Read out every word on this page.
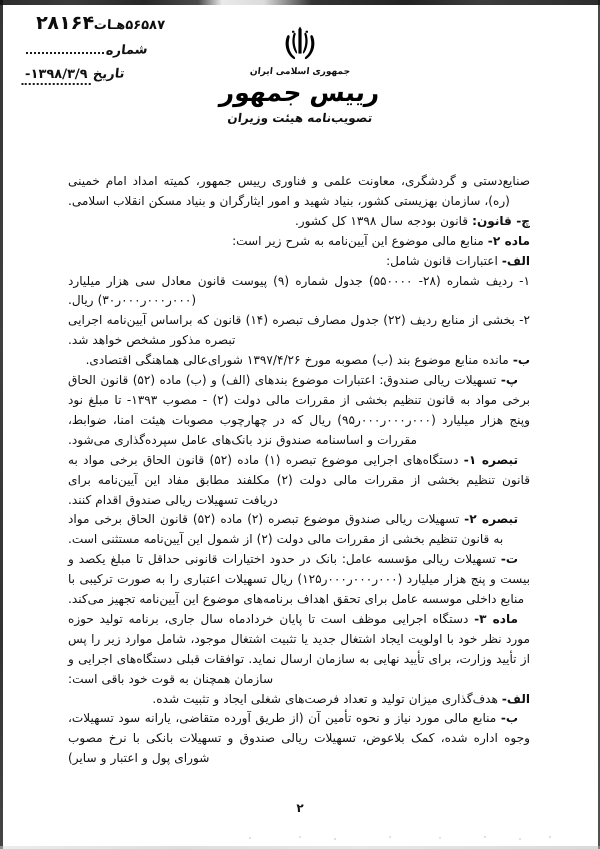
۵۶۵۸۷هـات۲۸۱۶۴
شماره
تاریخ
۱۳۹۸/۳/۹-	جمهوری اسلامی ایران
رییس جمهور
تصویب‌نامه هیئت وزیران

صنایع‌دستی و گردشگری، معاونت علمی و فناوری رییس جمهور، کمیته امداد امام خمینی (ره)، سازمان بهزیستی کشور، بنیاد شهید و امور ایثارگران و بنیاد مسکن انقلاب اسلامی.

چ- قانون: قانون بودجه سال ۱۳۹۸ کل کشور.

ماده ۲- منابع مالی موضوع این آیین‌نامه به شرح زیر است:

الف- اعتبارات قانون شامل:

۱- ردیف شماره (۲۸- ۵۵۰۰۰۰) جدول شماره (۹) پیوست قانون معادل سی هزار میلیارد (۰۰۰ر۰۰۰ر۰۰۰ر۳۰) ریال.

۲- بخشی از منابع ردیف (۲۲) جدول مصارف تبصره (۱۴) قانون که براساس آیین‌نامه اجرایی تبصره مذکور مشخص خواهد شد.

ب- مانده منابع موضوع بند (ب) مصوبه مورخ ۱۳۹۷/۴/۲۶ شورای‌عالی هماهنگی اقتصادی.

پ- تسهیلات ریالی صندوق: اعتبارات موضوع بندهای (الف) و (ب) ماده (۵۲) قانون الحاق برخی مواد به قانون تنظیم بخشی از مقررات مالی دولت (۲) - مصوب ۱۳۹۳- تا مبلغ نود وپنج هزار میلیارد (۰۰۰ر۰۰۰ر۰۰۰ر۹۵) ریال که در چهارچوب مصوبات هیئت امنا، ضوابط، مقررات و اساسنامه صندوق نزد بانک‌های عامل سپرده‌گذاری می‌شود.

تبصره ۱- دستگاه‌های اجرایی موضوع تبصره (۱) ماده (۵۲) قانون الحاق برخی مواد به قانون تنظیم بخشی از مقررات مالی دولت (۲) مکلفند مطابق مفاد این آیین‌نامه برای دریافت تسهیلات ریالی صندوق اقدام کنند.

تبصره ۲- تسهیلات ریالی صندوق موضوع تبصره (۲) ماده (۵۲) قانون الحاق برخی مواد به قانون تنظیم بخشی از مقررات مالی دولت (۲) از شمول این آیین‌نامه مستثنی است.

ت- تسهیلات ریالی مؤسسه عامل: بانک در حدود اختیارات قانونی حداقل تا مبلغ یکصد و بیست و پنج هزار میلیارد (۰۰۰ر۰۰۰ر۰۰۰ر۱۲۵) ریال تسهیلات اعتباری را به صورت ترکیبی با منابع داخلی موسسه عامل برای تحقق اهداف برنامه‌های موضوع این آیین‌نامه تجهیز می‌کند.

ماده ۳- دستگاه اجرایی موظف است تا پایان خردادماه سال جاری، برنامه تولید حوزه مورد نظر خود با اولویت ایجاد اشتغال جدید یا تثبیت اشتغال موجود، شامل موارد زیر را پس از تأیید وزارت، برای تأیید نهایی به سازمان ارسال نماید. توافقات قبلی دستگاه‌های اجرایی و سازمان همچنان به قوت خود باقی است:

الف- هدف‌گذاری میزان تولید و تعداد فرصت‌های شغلی ایجاد و تثبیت شده.

ب- منابع مالی مورد نیاز و نحوه تأمین آن (از طریق آورده متقاضی، یارانه سود تسهیلات، وجوه اداره شده، کمک بلاعوض، تسهیلات ریالی صندوق و تسهیلات بانکی با نرخ مصوب شورای پول و اعتبار و سایر)

۲
